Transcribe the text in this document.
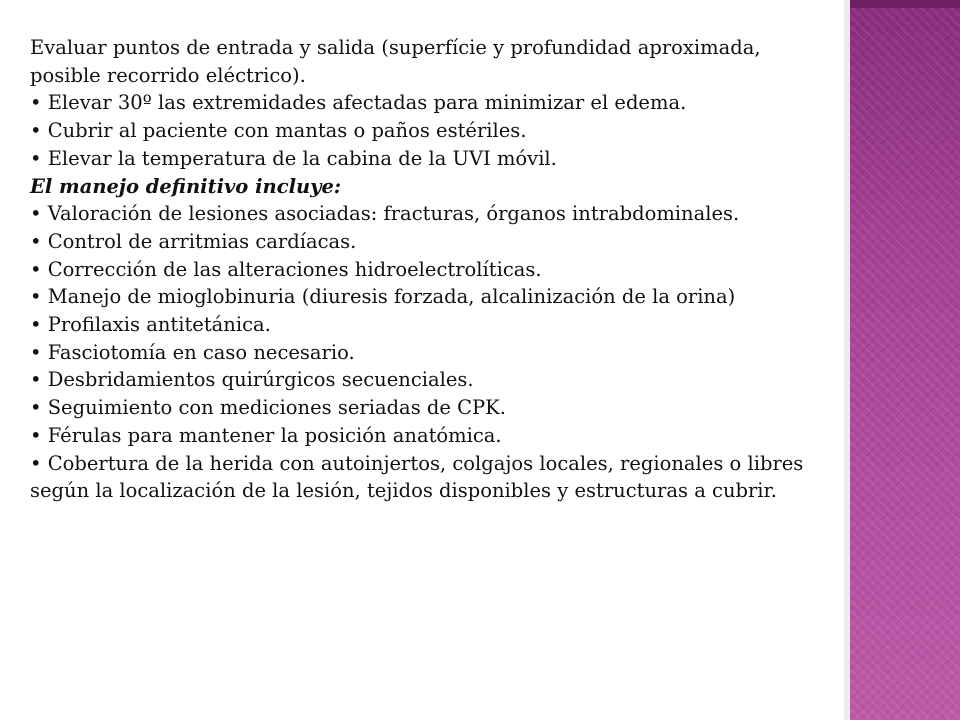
Evaluar puntos de entrada y salida (superfície y profundidad aproximada, posible recorrido eléctrico).

• Elevar 30º las extremidades afectadas para minimizar el edema.

• Cubrir al paciente con mantas o paños estériles.

• Elevar la temperatura de la cabina de la UVI móvil.

El manejo definitivo incluye:

• Valoración de lesiones asociadas: fracturas, órganos intrabdominales.

• Control de arritmias cardíacas.

• Corrección de las alteraciones hidroelectrolíticas.

• Manejo de mioglobinuria (diuresis forzada, alcalinización de la orina)

• Profilaxis antitetánica.

• Fasciotomía en caso necesario.

• Desbridamientos quirúrgicos secuenciales.

• Seguimiento con mediciones seriadas de CPK.

• Férulas para mantener la posición anatómica.

• Cobertura de la herida con autoinjertos, colgajos locales, regionales o libres según la localización de la lesión, tejidos disponibles y estructuras a cubrir.
